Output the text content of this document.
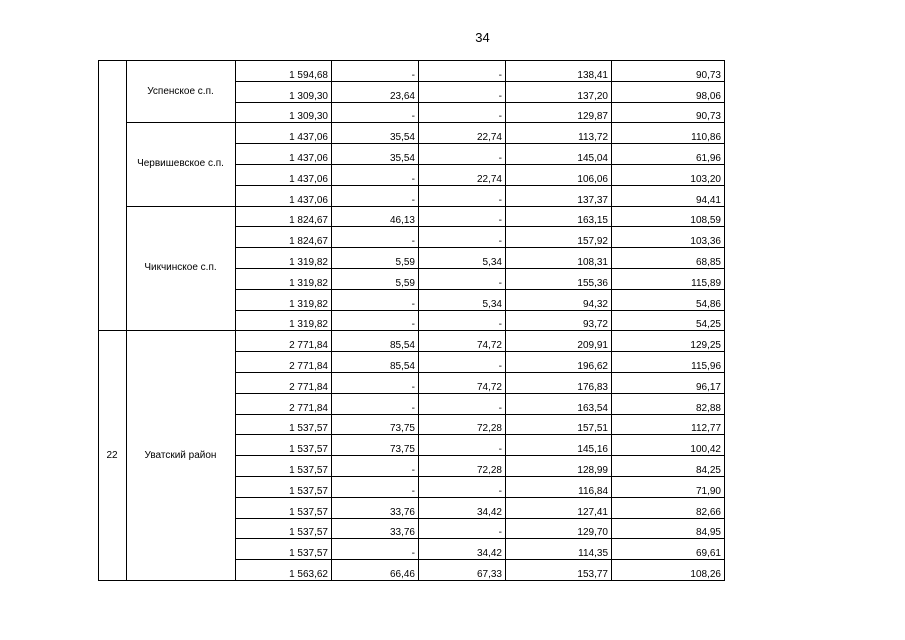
34
	Успенское с.п.	1 594,68	-	-	138,41	90,73
		1 309,30	23,64	-	137,20	98,06
		1 309,30	-	-	129,87	90,73
	Червишевское с.п.	1 437,06	35,54	22,74	113,72	110,86
		1 437,06	35,54	-	145,04	61,96
		1 437,06	-	22,74	106,06	103,20
		1 437,06	-	-	137,37	94,41
	Чикчинское с.п.	1 824,67	46,13	-	163,15	108,59
		1 824,67	-	-	157,92	103,36
		1 319,82	5,59	5,34	108,31	68,85
		1 319,82	5,59	-	155,36	115,89
		1 319,82	-	5,34	94,32	54,86
		1 319,82	-	-	93,72	54,25
22	Уватский район	2 771,84	85,54	74,72	209,91	129,25
		2 771,84	85,54	-	196,62	115,96
		2 771,84	-	74,72	176,83	96,17
		2 771,84	-	-	163,54	82,88
		1 537,57	73,75	72,28	157,51	112,77
		1 537,57	73,75	-	145,16	100,42
		1 537,57	-	72,28	128,99	84,25
		1 537,57	-	-	116,84	71,90
		1 537,57	33,76	34,42	127,41	82,66
		1 537,57	33,76	-	129,70	84,95
		1 537,57	-	34,42	114,35	69,61
		1 563,62	66,46	67,33	153,77	108,26
